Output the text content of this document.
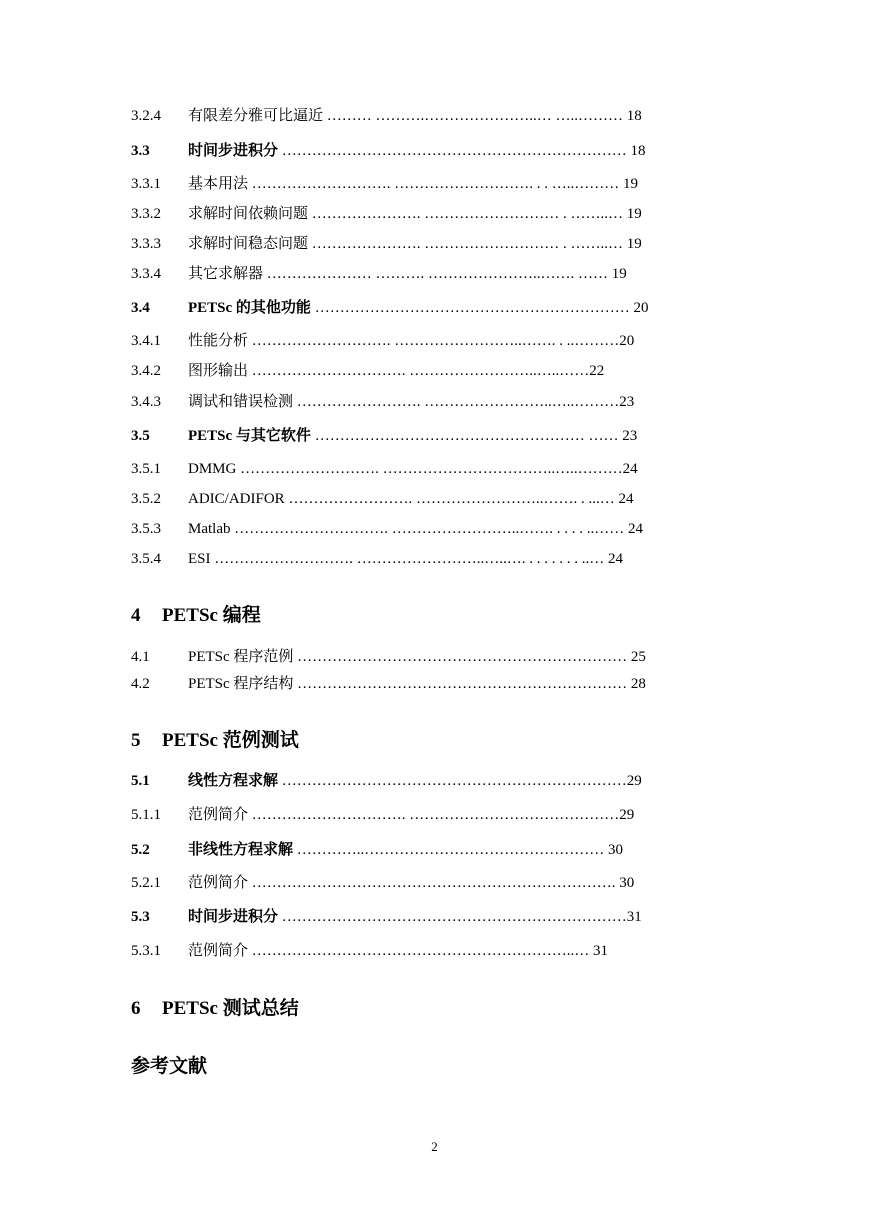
3.2.4 有限差分雅可比逼近 ……… ……….…………………..… …..……… 18
3.3	时间步进积分 …………………………………………………………… 18
3.3.1 基本用法 ………………………. ………………………. . . …..……… 19
3.3.2 求解时间依赖问题 …………………. ……………………… . ……..… 19
3.3.3 求解时间稳态问题 …………………. ……………………… . ……..… 19
3.3.4 其它求解器 ………………… ………. …………………..……. …… 19
3.4	PETSc 的其他功能 ……………………………………………………… 20
3.4.1 性能分析 ………………………. ……………………..……. . ..………20
3.4.2 图形输出 …………………………. ……………………..…..……22
3.4.3 调试和错误检测 ……………………. ……………………..…..………23
3.5	PETSc 与其它软件 ……………………………………………… …… 23
3.5.1 DMMG ………………………. ……………………………..…..………24
3.5.2 ADIC/ADIFOR ……………………. ……………………..……. . ...… 24
3.5.3 Matlab …………………………. ……………………..……. . . . . ..…… 24
3.5.4 ESI ………………………. ……………………..…..…. . . . . . . . ..… 24
4 PETSc 编程
4.1	PETSc 程序范例 ………………………………………………………… 25
4.2	PETSc 程序结构 ………………………………………………………… 28
5 PETSc 范例测试
5.1	线性方程求解 ……………………………………………………………29
5.1.1 范例简介 …………………………. ……………………………………29
5.2	非线性方程求解 …………..………………………………………… 30
5.2.1 范例简介 ………………………………………………………………. 30
5.3	时间步进积分 ……………………………………………………………31
5.3.1 范例简介 ………………………………………………………..… 31
6 PETSc 测试总结
参考文献
2
